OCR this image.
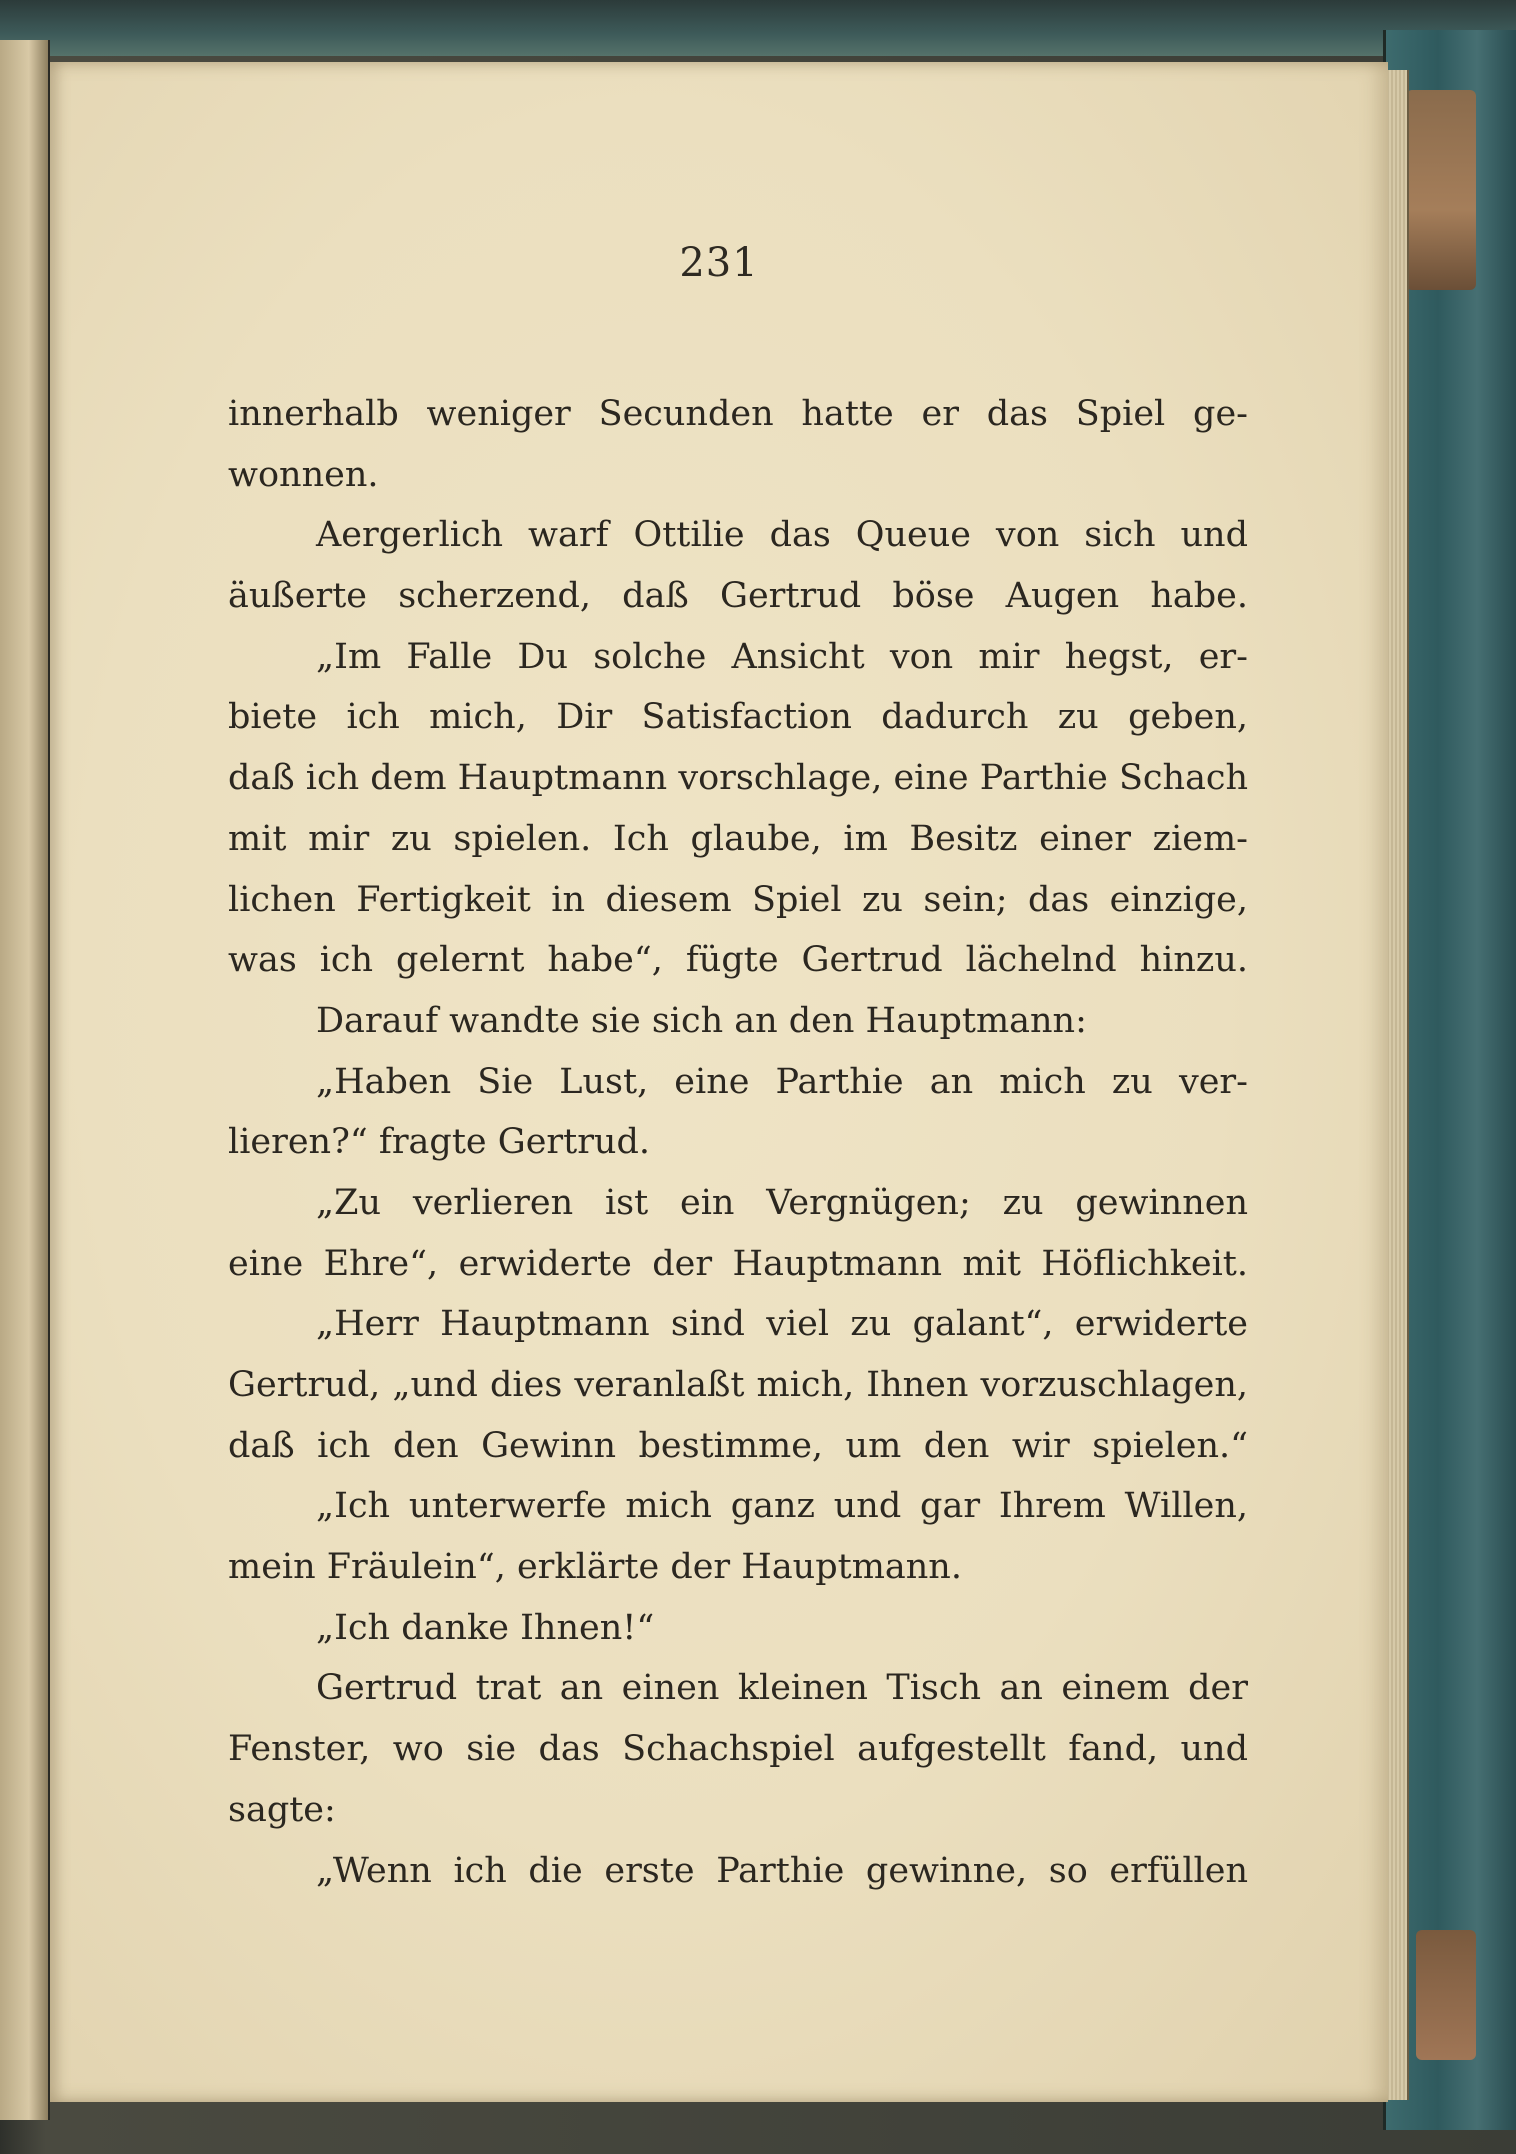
231
innerhalb weniger Secunden hatte er das Spiel ge-
wonnen.
Aergerlich warf Ottilie das Queue von sich und
äußerte scherzend, daß Gertrud böse Augen habe.
„Im Falle Du solche Ansicht von mir hegst, er-
biete ich mich, Dir Satisfaction dadurch zu geben,
daß ich dem Hauptmann vorschlage, eine Parthie Schach
mit mir zu spielen. Ich glaube, im Besitz einer ziem-
lichen Fertigkeit in diesem Spiel zu sein; das einzige,
was ich gelernt habe“, fügte Gertrud lächelnd hinzu.
Darauf wandte sie sich an den Hauptmann:
„Haben Sie Lust, eine Parthie an mich zu ver-
lieren?“ fragte Gertrud.
„Zu verlieren ist ein Vergnügen; zu gewinnen
eine Ehre“, erwiderte der Hauptmann mit Höflichkeit.
„Herr Hauptmann sind viel zu galant“, erwiderte
Gertrud, „und dies veranlaßt mich, Ihnen vorzuschlagen,
daß ich den Gewinn bestimme, um den wir spielen.“
„Ich unterwerfe mich ganz und gar Ihrem Willen,
mein Fräulein“, erklärte der Hauptmann.
„Ich danke Ihnen!“
Gertrud trat an einen kleinen Tisch an einem der
Fenster, wo sie das Schachspiel aufgestellt fand, und
sagte:
„Wenn ich die erste Parthie gewinne, so erfüllen
